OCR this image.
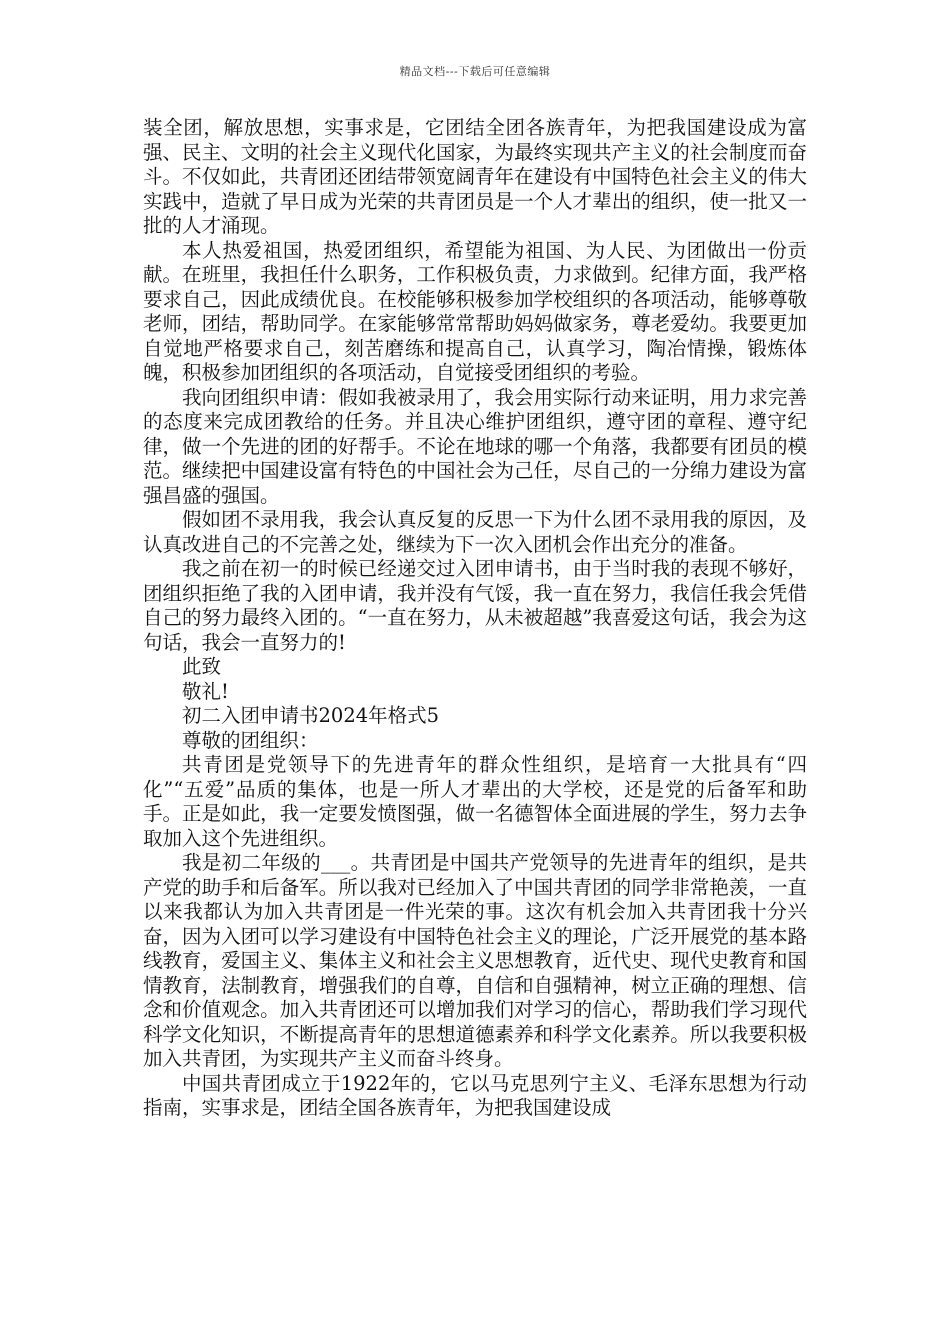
精品文档---下载后可任意编辑

装全团，解放思想，实事求是，它团结全团各族青年，为把我国建设成为富强、民主、文明的社会主义现代化国家，为最终实现共产主义的社会制度而奋斗。不仅如此，共青团还团结带领宽阔青年在建设有中国特色社会主义的伟大实践中，造就了早日成为光荣的共青团员是一个人才辈出的组织，使一批又一批的人才涌现。

本人热爱祖国，热爱团组织，希望能为祖国、为人民、为团做出一份贡献。在班里，我担任什么职务，工作积极负责，力求做到。纪律方面，我严格要求自己，因此成绩优良。在校能够积极参加学校组织的各项活动，能够尊敬老师，团结，帮助同学。在家能够常常帮助妈妈做家务，尊老爱幼。我要更加自觉地严格要求自己，刻苦磨练和提高自己，认真学习，陶冶情操，锻炼体魄，积极参加团组织的各项活动，自觉接受团组织的考验。

我向团组织申请：假如我被录用了，我会用实际行动来证明，用力求完善的态度来完成团教给的任务。并且决心维护团组织，遵守团的章程、遵守纪律，做一个先进的团的好帮手。不论在地球的哪一个角落，我都要有团员的模范。继续把中国建设富有特色的中国社会为己任，尽自己的一分绵力建设为富强昌盛的强国。

假如团不录用我，我会认真反复的反思一下为什么团不录用我的原因，及认真改进自己的不完善之处，继续为下一次入团机会作出充分的准备。

我之前在初一的时候已经递交过入团申请书，由于当时我的表现不够好，团组织拒绝了我的入团申请，我并没有气馁，我一直在努力，我信任我会凭借自己的努力最终入团的。“一直在努力，从未被超越”我喜爱这句话，我会为这句话，我会一直努力的!

此致

敬礼!

初二入团申请书2024年格式5

尊敬的团组织：

共青团是党领导下的先进青年的群众性组织，是培育一大批具有“四化”“五爱”品质的集体，也是一所人才辈出的大学校，还是党的后备军和助手。正是如此，我一定要发愤图强，做一名德智体全面进展的学生，努力去争取加入这个先进组织。

我是初二年级的___。共青团是中国共产党领导的先进青年的组织，是共产党的助手和后备军。所以我对已经加入了中国共青团的同学非常艳羡，一直以来我都认为加入共青团是一件光荣的事。这次有机会加入共青团我十分兴奋，因为入团可以学习建设有中国特色社会主义的理论，广泛开展党的基本路线教育，爱国主义、集体主义和社会主义思想教育，近代史、现代史教育和国情教育，法制教育，增强我们的自尊，自信和自强精神，树立正确的理想、信念和价值观念。加入共青团还可以增加我们对学习的信心，帮助我们学习现代科学文化知识，不断提高青年的思想道德素养和科学文化素养。所以我要积极加入共青团，为实现共产主义而奋斗终身。

中国共青团成立于1922年的，它以马克思列宁主义、毛泽东思想为行动指南，实事求是，团结全国各族青年，为把我国建设成
